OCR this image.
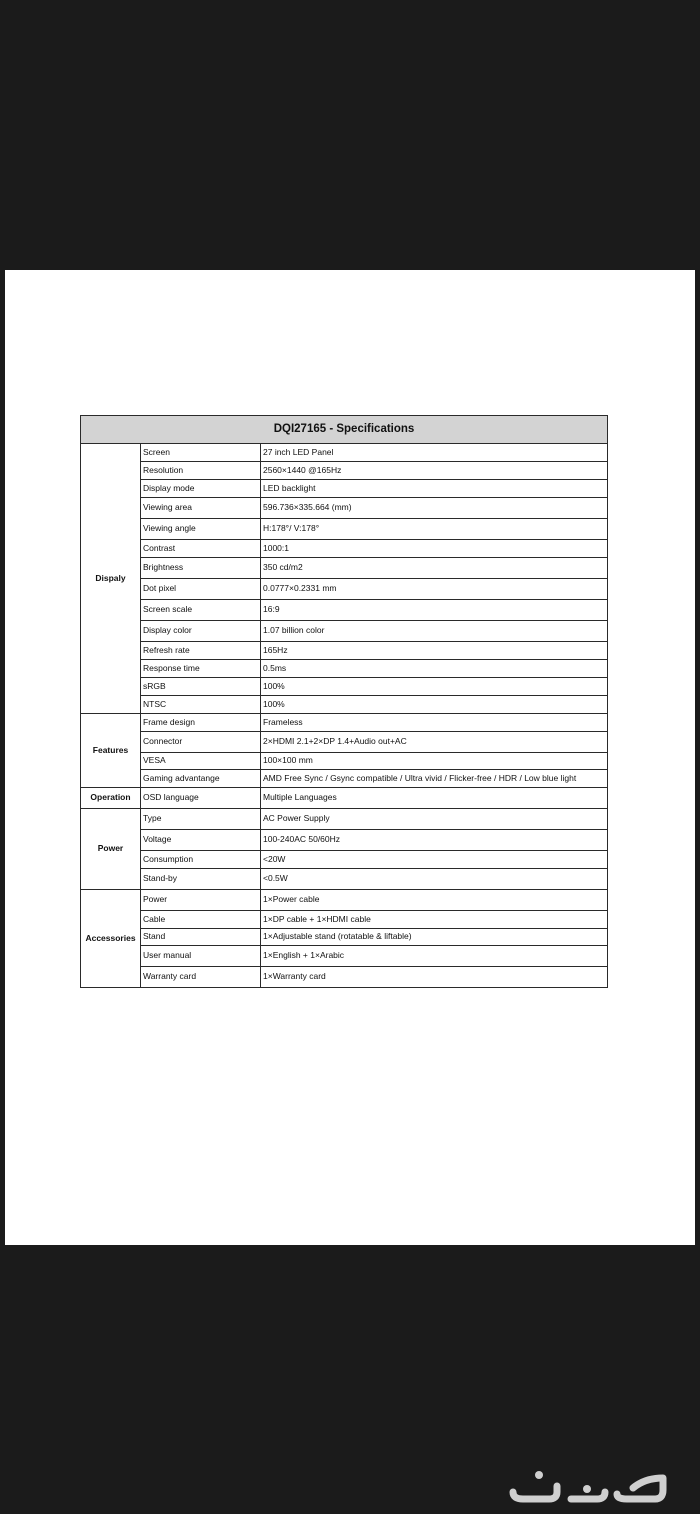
DQI27165 - Specifications		
Dispaly	Screen	27 inch LED Panel
	Resolution	2560×1440 @165Hz
	Display mode	LED backlight
	Viewing area	596.736×335.664 (mm)
	Viewing angle	H:178°/ V:178°
	Contrast	1000:1
	Brightness	350 cd/m2
	Dot pixel	0.0777×0.2331 mm
	Screen scale	16:9
	Display color	1.07 billion color
	Refresh rate	165Hz
	Response time	0.5ms
	sRGB	100%
	NTSC	100%
Features	Frame design	Frameless
	Connector	2×HDMI 2.1+2×DP 1.4+Audio out+AC
	VESA	100×100 mm
	Gaming advantange	AMD Free Sync / Gsync compatible / Ultra vivid / Flicker-free / HDR / Low blue light
Operation	OSD language	Multiple Languages
Power	Type	AC Power Supply
	Voltage	100-240AC 50/60Hz
	Consumption	<20W
	Stand-by	<0.5W
Accessories	Power	1×Power cable
	Cable	1×DP cable + 1×HDMI cable
	Stand	1×Adjustable stand (rotatable & liftable)
	User manual	1×English + 1×Arabic
	Warranty card	1×Warranty card
